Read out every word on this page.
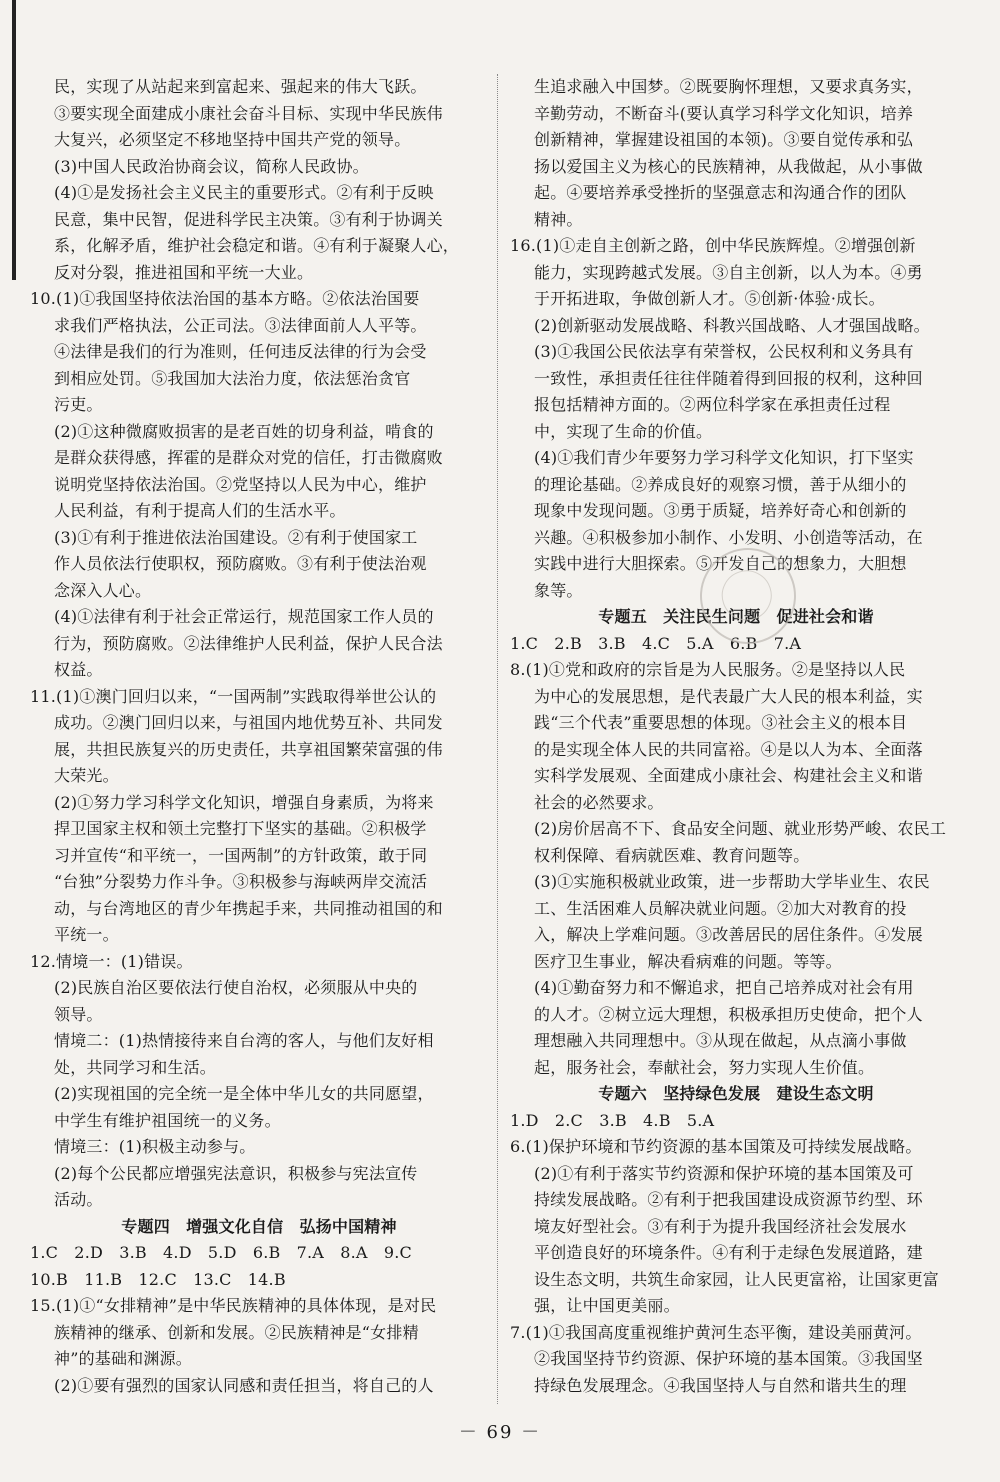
民，实现了从站起来到富起来、强起来的伟大飞跃。
③要实现全面建成小康社会奋斗目标、实现中华民族伟
大复兴，必须坚定不移地坚持中国共产党的领导。
(3)中国人民政治协商会议，简称人民政协。
(4)①是发扬社会主义民主的重要形式。②有利于反映
民意，集中民智，促进科学民主决策。③有利于协调关
系，化解矛盾，维护社会稳定和谐。④有利于凝聚人心，
反对分裂，推进祖国和平统一大业。
10.(1)①我国坚持依法治国的基本方略。②依法治国要
求我们严格执法，公正司法。③法律面前人人平等。
④法律是我们的行为准则，任何违反法律的行为会受
到相应处罚。⑤我国加大法治力度，依法惩治贪官
污吏。
(2)①这种微腐败损害的是老百姓的切身利益，啃食的
是群众获得感，挥霍的是群众对党的信任，打击微腐败
说明党坚持依法治国。②党坚持以人民为中心，维护
人民利益，有利于提高人们的生活水平。
(3)①有利于推进依法治国建设。②有利于使国家工
作人员依法行使职权，预防腐败。③有利于使法治观
念深入人心。
(4)①法律有利于社会正常运行，规范国家工作人员的
行为，预防腐败。②法律维护人民利益，保护人民合法
权益。
11.(1)①澳门回归以来，“一国两制”实践取得举世公认的
成功。②澳门回归以来，与祖国内地优势互补、共同发
展，共担民族复兴的历史责任，共享祖国繁荣富强的伟
大荣光。
(2)①努力学习科学文化知识，增强自身素质，为将来
捍卫国家主权和领土完整打下坚实的基础。②积极学
习并宣传“和平统一，一国两制”的方针政策，敢于同
“台独”分裂势力作斗争。③积极参与海峡两岸交流活
动，与台湾地区的青少年携起手来，共同推动祖国的和
平统一。
12.情境一：(1)错误。
(2)民族自治区要依法行使自治权，必须服从中央的
领导。
情境二：(1)热情接待来自台湾的客人，与他们友好相
处，共同学习和生活。
(2)实现祖国的完全统一是全体中华儿女的共同愿望，
中学生有维护祖国统一的义务。
情境三：(1)积极主动参与。
(2)每个公民都应增强宪法意识，积极参与宪法宣传
活动。
专题四　增强文化自信　弘扬中国精神
1.C　2.D　3.B　4.D　5.D　6.B　7.A　8.A　9.C
10.B　11.B　12.C　13.C　14.B
15.(1)①“女排精神”是中华民族精神的具体体现，是对民
族精神的继承、创新和发展。②民族精神是“女排精
神”的基础和渊源。
(2)①要有强烈的国家认同感和责任担当，将自己的人
生追求融入中国梦。②既要胸怀理想，又要求真务实，
辛勤劳动，不断奋斗(要认真学习科学文化知识，培养
创新精神，掌握建设祖国的本领)。③要自觉传承和弘
扬以爱国主义为核心的民族精神，从我做起，从小事做
起。④要培养承受挫折的坚强意志和沟通合作的团队
精神。
16.(1)①走自主创新之路，创中华民族辉煌。②增强创新
能力，实现跨越式发展。③自主创新，以人为本。④勇
于开拓进取，争做创新人才。⑤创新·体验·成长。
(2)创新驱动发展战略、科教兴国战略、人才强国战略。
(3)①我国公民依法享有荣誉权，公民权利和义务具有
一致性，承担责任往往伴随着得到回报的权利，这种回
报包括精神方面的。②两位科学家在承担责任过程
中，实现了生命的价值。
(4)①我们青少年要努力学习科学文化知识，打下坚实
的理论基础。②养成良好的观察习惯，善于从细小的
现象中发现问题。③勇于质疑，培养好奇心和创新的
兴趣。④积极参加小制作、小发明、小创造等活动，在
实践中进行大胆探索。⑤开发自己的想象力，大胆想
象等。
专题五　关注民生问题　促进社会和谐
1.C　2.B　3.B　4.C　5.A　6.B　7.A
8.(1)①党和政府的宗旨是为人民服务。②是坚持以人民
为中心的发展思想，是代表最广大人民的根本利益，实
践“三个代表”重要思想的体现。③社会主义的根本目
的是实现全体人民的共同富裕。④是以人为本、全面落
实科学发展观、全面建成小康社会、构建社会主义和谐
社会的必然要求。
(2)房价居高不下、食品安全问题、就业形势严峻、农民工
权利保障、看病就医难、教育问题等。
(3)①实施积极就业政策，进一步帮助大学毕业生、农民
工、生活困难人员解决就业问题。②加大对教育的投
入，解决上学难问题。③改善居民的居住条件。④发展
医疗卫生事业，解决看病难的问题。等等。
(4)①勤奋努力和不懈追求，把自己培养成对社会有用
的人才。②树立远大理想，积极承担历史使命，把个人
理想融入共同理想中。③从现在做起，从点滴小事做
起，服务社会，奉献社会，努力实现人生价值。
专题六　坚持绿色发展　建设生态文明
1.D　2.C　3.B　4.B　5.A
6.(1)保护环境和节约资源的基本国策及可持续发展战略。
(2)①有利于落实节约资源和保护环境的基本国策及可
持续发展战略。②有利于把我国建设成资源节约型、环
境友好型社会。③有利于为提升我国经济社会发展水
平创造良好的环境条件。④有利于走绿色发展道路，建
设生态文明，共筑生命家园，让人民更富裕，让国家更富
强，让中国更美丽。
7.(1)①我国高度重视维护黄河生态平衡，建设美丽黄河。
②我国坚持节约资源、保护环境的基本国策。③我国坚
持绿色发展理念。④我国坚持人与自然和谐共生的理
－ 69 －
